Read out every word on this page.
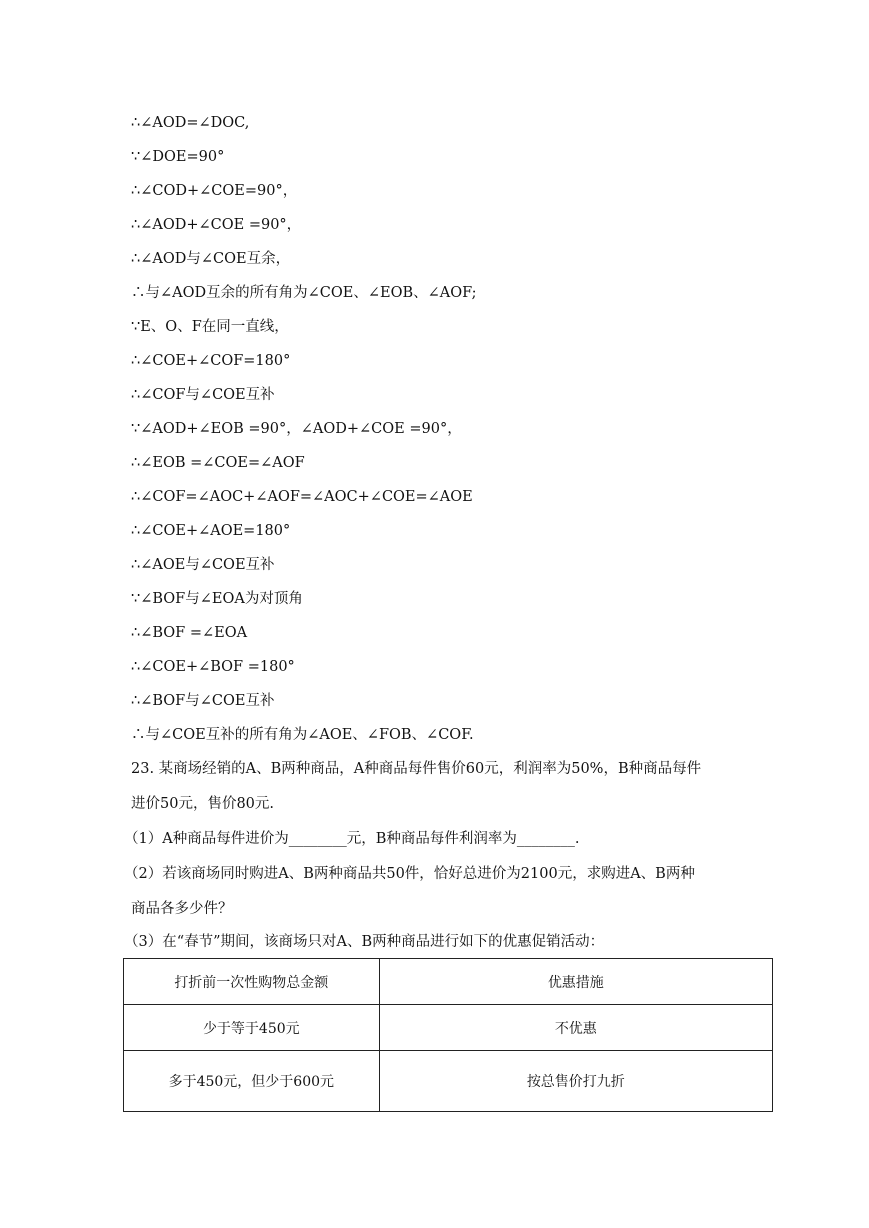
∴∠AOD=∠DOC,
∵∠DOE=90°
∴∠COD+∠COE=90°，
∴∠AOD+∠COE =90°，
∴∠AOD与∠COE互余，
∴与∠AOD互余的所有角为∠COE、∠EOB、∠AOF;
∵E、O、F在同一直线，
∴∠COE+∠COF=180°
∴∠COF与∠COE互补
∵∠AOD+∠EOB =90°，∠AOD+∠COE =90°，
∴∠EOB =∠COE=∠AOF
∴∠COF=∠AOC+∠AOF=∠AOC+∠COE=∠AOE
∴∠COE+∠AOE=180°
∴∠AOE与∠COE互补
∵∠BOF与∠EOA为对顶角
∴∠BOF =∠EOA
∴∠COE+∠BOF =180°
∴∠BOF与∠COE互补
∴与∠COE互补的所有角为∠AOE、∠FOB、∠COF.
23. 某商场经销的A、B两种商品，A种商品每件售价60元，利润率为50%，B种商品每件
进价50元，售价80元.
（1）A种商品每件进价为________元，B种商品每件利润率为________.
（2）若该商场同时购进A、B两种商品共50件，恰好总进价为2100元，求购进A、B两种
商品各多少件？
（3）在“春节”期间，该商场只对A、B两种商品进行如下的优惠促销活动：
打折前一次性购物总金额	优惠措施
少于等于450元	不优惠
多于450元，但少于600元	按总售价打九折
